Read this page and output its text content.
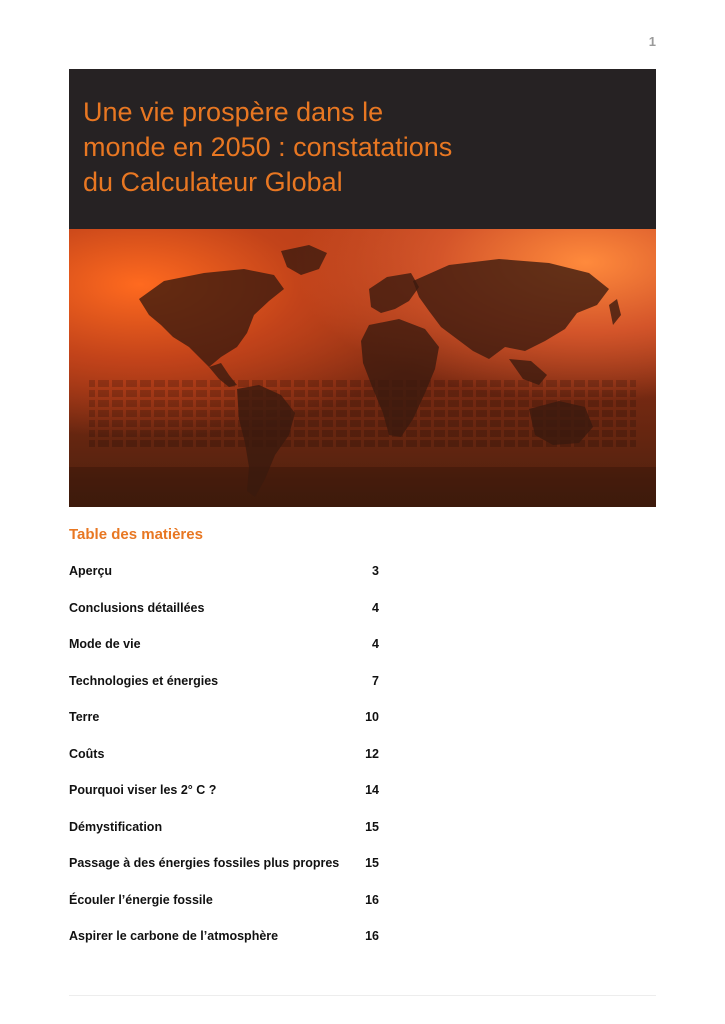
1
Une vie prospère dans le
monde en 2050 : constatations
du Calculateur Global
Table des matières
Aperçu	3
Conclusions détaillées	4
Mode de vie	4
Technologies et énergies	7
Terre	10
Coûts	12
Pourquoi viser les 2° C ?	14
Démystification	15
Passage à des énergies fossiles plus propres 15
Écouler l’énergie fossile	16
Aspirer le carbone de l’atmosphère	16
